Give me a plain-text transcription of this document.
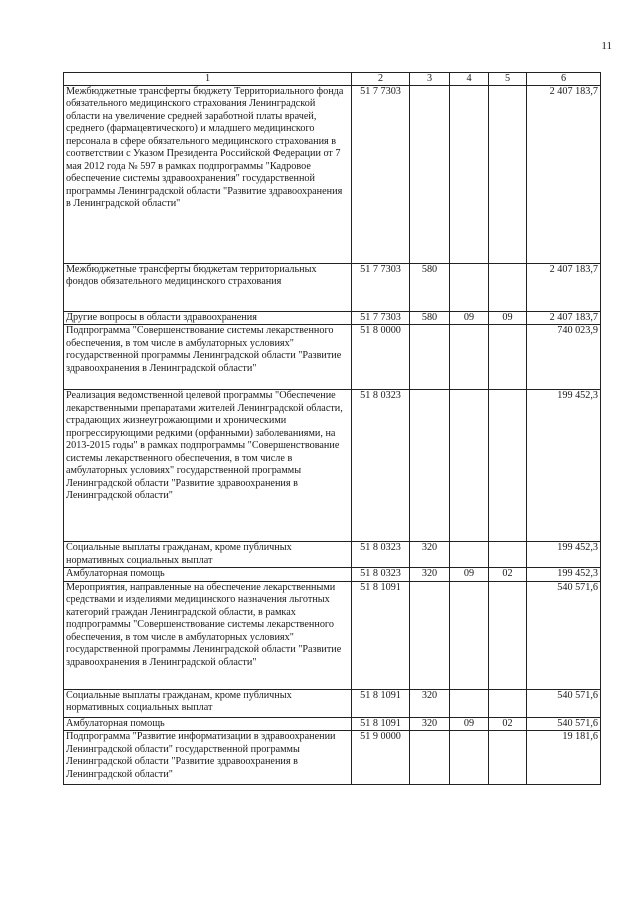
11
1	2	3	4	5	6
Межбюджетные трансферты бюджету Территориального фонда обязательного медицинского страхования Ленинградской области на увеличение средней заработной платы врачей, среднего (фармацевтического) и младшего медицинского персонала в сфере обязательного медицинского страхования в соответствии с Указом Президента Российской Федерации от 7 мая 2012 года № 597 в рамках подпрограммы "Кадровое обеспечение системы здравоохранения" государственной программы Ленинградской области "Развитие здравоохранения в Ленинградской области"	51 7 7303				2 407 183,7
Межбюджетные трансферты бюджетам территориальных фондов обязательного медицинского страхования	51 7 7303	580			2 407 183,7
Другие вопросы в области здравоохранения	51 7 7303	580	09	09	2 407 183,7
Подпрограмма "Совершенствование системы лекарственного обеспечения, в том числе в амбулаторных условиях" государственной программы Ленинградской области "Развитие здравоохранения в Ленинградской области"	51 8 0000				740 023,9
Реализация ведомственной целевой программы "Обеспечение лекарственными препаратами жителей Ленинградской области, страдающих жизнеугрожающими и хроническими прогрессирующими редкими (орфанными) заболеваниями, на 2013-2015 годы" в рамках подпрограммы "Совершенствование системы лекарственного обеспечения, в том числе в амбулаторных условиях" государственной программы Ленинградской области "Развитие здравоохранения в Ленинградской области"	51 8 0323				199 452,3
Социальные выплаты гражданам, кроме публичных нормативных социальных выплат	51 8 0323	320			199 452,3
Амбулаторная помощь	51 8 0323	320	09	02	199 452,3
Мероприятия, направленные на обеспечение лекарственными средствами и изделиями медицинского назначения льготных категорий граждан Ленинградской области, в рамках подпрограммы "Совершенствование системы лекарственного обеспечения, в том числе в амбулаторных условиях" государственной программы Ленинградской области "Развитие здравоохранения в Ленинградской области"	51 8 1091				540 571,6
Социальные выплаты гражданам, кроме публичных нормативных социальных выплат	51 8 1091	320			540 571,6
Амбулаторная помощь	51 8 1091	320	09	02	540 571,6
Подпрограмма "Развитие информатизации в здравоохранении Ленинградской области" государственной программы Ленинградской области "Развитие здравоохранения в Ленинградской области"	51 9 0000				19 181,6
